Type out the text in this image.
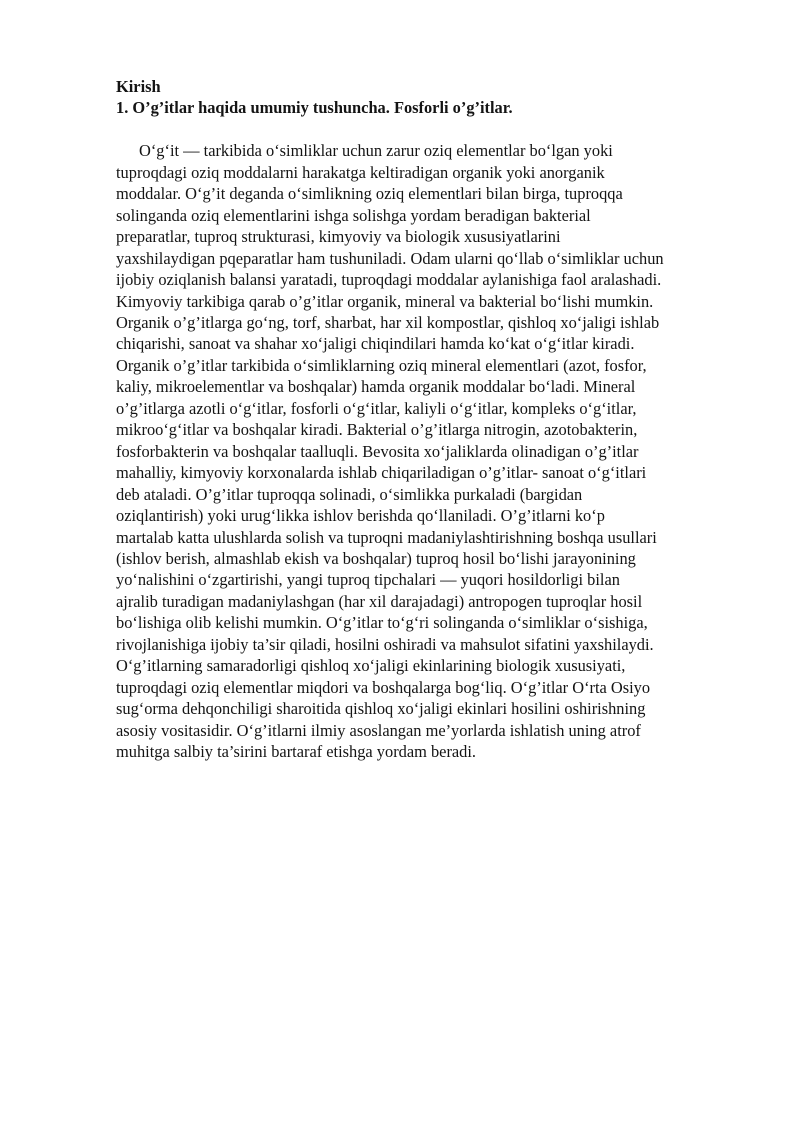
Kirish
1. O’g’itlar haqida umumiy tushuncha. Fosforli o’g’itlar.
O‘g‘it — tarkibida o‘simliklar uchun zarur oziq elementlar bo‘lgan yoki
tuproqdagi oziq moddalarni harakatga keltiradigan organik yoki anorganik
moddalar. O‘g’it deganda o‘simlikning oziq elementlari bilan birga, tuproqqa
solinganda oziq elementlarini ishga solishga yordam beradigan bakterial
preparatlar, tuproq strukturasi, kimyoviy va biologik xususiyatlarini
yaxshilaydigan pqeparatlar ham tushuniladi. Odam ularni qo‘llab o‘simliklar uchun
ijobiy oziqlanish balansi yaratadi, tuproqdagi moddalar aylanishiga faol aralashadi.
Kimyoviy tarkibiga qarab o’g’itlar organik, mineral va bakterial bo‘lishi mumkin.
Organik o’g’itlarga go‘ng, torf, sharbat, har xil kompostlar, qishloq xo‘jaligi ishlab
chiqarishi, sanoat va shahar xo‘jaligi chiqindilari hamda ko‘kat o‘g‘itlar kiradi.
Organik o’g’itlar tarkibida o‘simliklarning oziq mineral elementlari (azot, fosfor,
kaliy, mikroelementlar va boshqalar) hamda organik moddalar bo‘ladi. Mineral
o’g’itlarga azotli o‘g‘itlar, fosforli o‘g‘itlar, kaliyli o‘g‘itlar, kompleks o‘g‘itlar,
mikroo‘g‘itlar va boshqalar kiradi. Bakterial o’g’itlarga nitrogin, azotobakterin,
fosforbakterin va boshqalar taalluqli. Bevosita xo‘jaliklarda olinadigan o’g’itlar
mahalliy, kimyoviy korxonalarda ishlab chiqariladigan o’g’itlar- sanoat o‘g‘itlari
deb ataladi. O’g’itlar tuproqqa solinadi, o‘simlikka purkaladi (bargidan
oziqlantirish) yoki urug‘likka ishlov berishda qo‘llaniladi. O’g’itlarni ko‘p
martalab katta ulushlarda solish va tuproqni madaniylashtirishning boshqa usullari
(ishlov berish, almashlab ekish va boshqalar) tuproq hosil bo‘lishi jarayonining
yo‘nalishini o‘zgartirishi, yangi tuproq tipchalari — yuqori hosildorligi bilan
ajralib turadigan madaniylashgan (har xil darajadagi) antropogen tuproqlar hosil
bo‘lishiga olib kelishi mumkin. O‘g’itlar to‘g‘ri solinganda o‘simliklar o‘sishiga,
rivojlanishiga ijobiy ta’sir qiladi, hosilni oshiradi va mahsulot sifatini yaxshilaydi.
O‘g’itlarning samaradorligi qishloq xo‘jaligi ekinlarining biologik xususiyati,
tuproqdagi oziq elementlar miqdori va boshqalarga bog‘liq. O‘g’itlar O‘rta Osiyo
sug‘orma dehqonchiligi sharoitida qishloq xo‘jaligi ekinlari hosilini oshirishning
asosiy vositasidir. O‘g’itlarni ilmiy asoslangan me’yorlarda ishlatish uning atrof
muhitga salbiy ta’sirini bartaraf etishga yordam beradi.
